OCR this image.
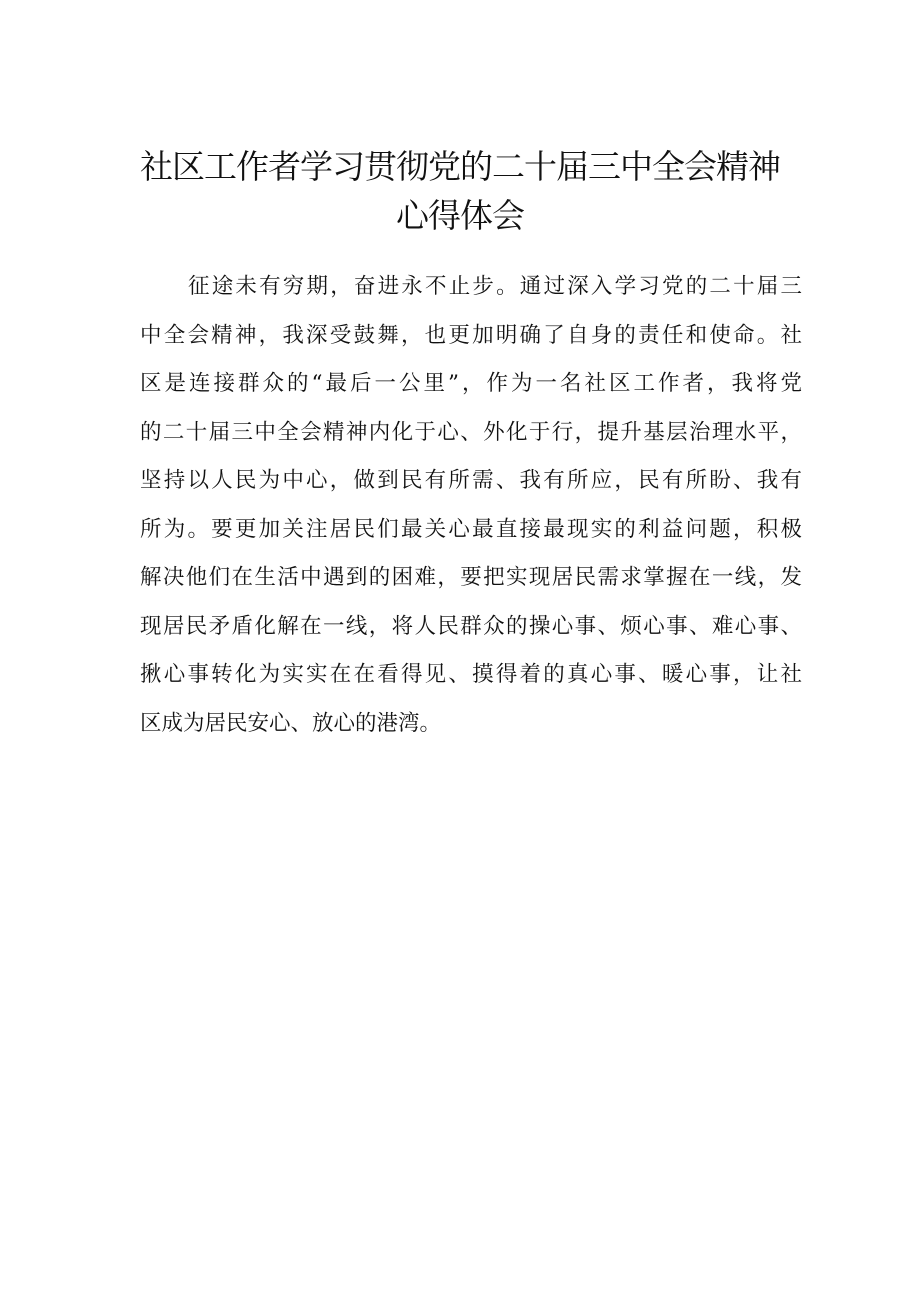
社区工作者学习贯彻党的二十届三中全会精神
心得体会
征途未有穷期，奋进永不止步。通过深入学习党的二十届三
中全会精神，我深受鼓舞，也更加明确了自身的责任和使命。社
区是连接群众的“最后一公里”，作为一名社区工作者，我将党
的二十届三中全会精神内化于心、外化于行，提升基层治理水平，
坚持以人民为中心，做到民有所需、我有所应，民有所盼、我有
所为。要更加关注居民们最关心最直接最现实的利益问题，积极
解决他们在生活中遇到的困难，要把实现居民需求掌握在一线，发
现居民矛盾化解在一线，将人民群众的操心事、烦心事、难心事、
揪心事转化为实实在在看得见、摸得着的真心事、暖心事，让社
区成为居民安心、放心的港湾。
